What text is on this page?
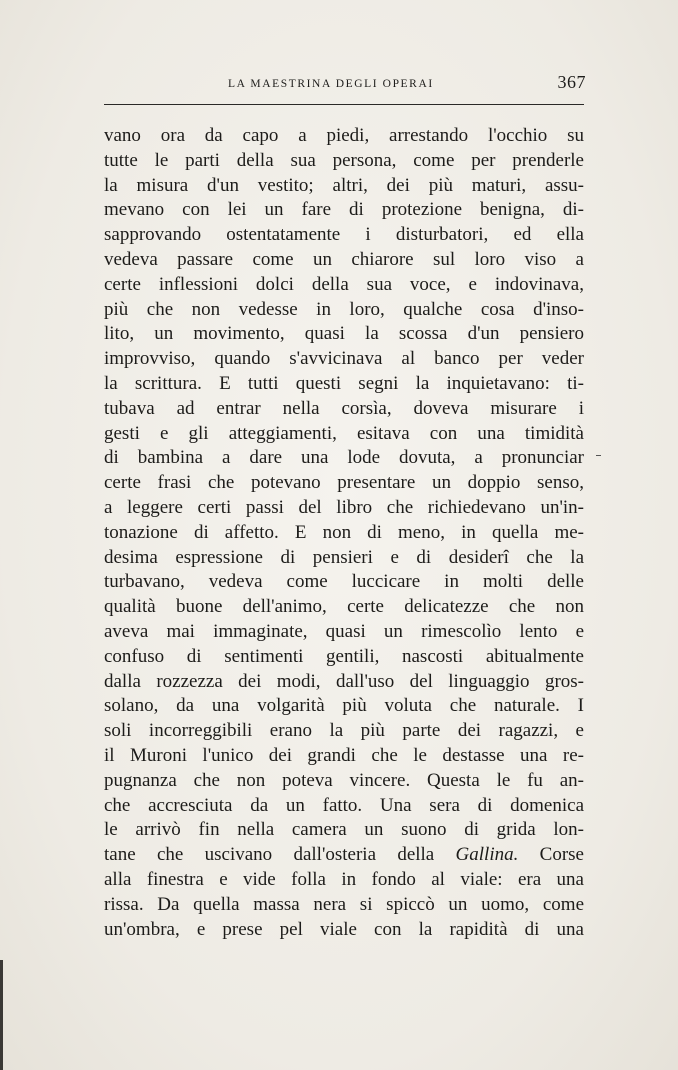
LA MAESTRINA DEGLI OPERAI	367
vano ora da capo a piedi, arrestando l'occhio su
tutte le parti della sua persona, come per prenderle
la misura d'un vestito; altri, dei più maturi, assu-
mevano con lei un fare di protezione benigna, di-
sapprovando ostentatamente i disturbatori, ed ella
vedeva passare come un chiarore sul loro viso a
certe inflessioni dolci della sua voce, e indovinava,
più che non vedesse in loro, qualche cosa d'inso-
lito, un movimento, quasi la scossa d'un pensiero
improvviso, quando s'avvicinava al banco per veder
la scrittura. E tutti questi segni la inquietavano: ti-
tubava ad entrar nella corsìa, doveva misurare i
gesti e gli atteggiamenti, esitava con una timidità
di bambina a dare una lode dovuta, a pronunciar
certe frasi che potevano presentare un doppio senso,
a leggere certi passi del libro che richiedevano un'in-
tonazione di affetto. E non di meno, in quella me-
desima espressione di pensieri e di desiderî che la
turbavano, vedeva come luccicare in molti delle
qualità buone dell'animo, certe delicatezze che non
aveva mai immaginate, quasi un rimescolìo lento e
confuso di sentimenti gentili, nascosti abitualmente
dalla rozzezza dei modi, dall'uso del linguaggio gros-
solano, da una volgarità più voluta che naturale. I
soli incorreggibili erano la più parte dei ragazzi, e
il Muroni l'unico dei grandi che le destasse una re-
pugnanza che non poteva vincere. Questa le fu an-
che accresciuta da un fatto. Una sera di domenica
le arrivò fin nella camera un suono di grida lon-
tane che uscivano dall'osteria della Gallina. Corse
alla finestra e vide folla in fondo al viale: era una
rissa. Da quella massa nera si spiccò un uomo, come
un'ombra, e prese pel viale con la rapidità di una
